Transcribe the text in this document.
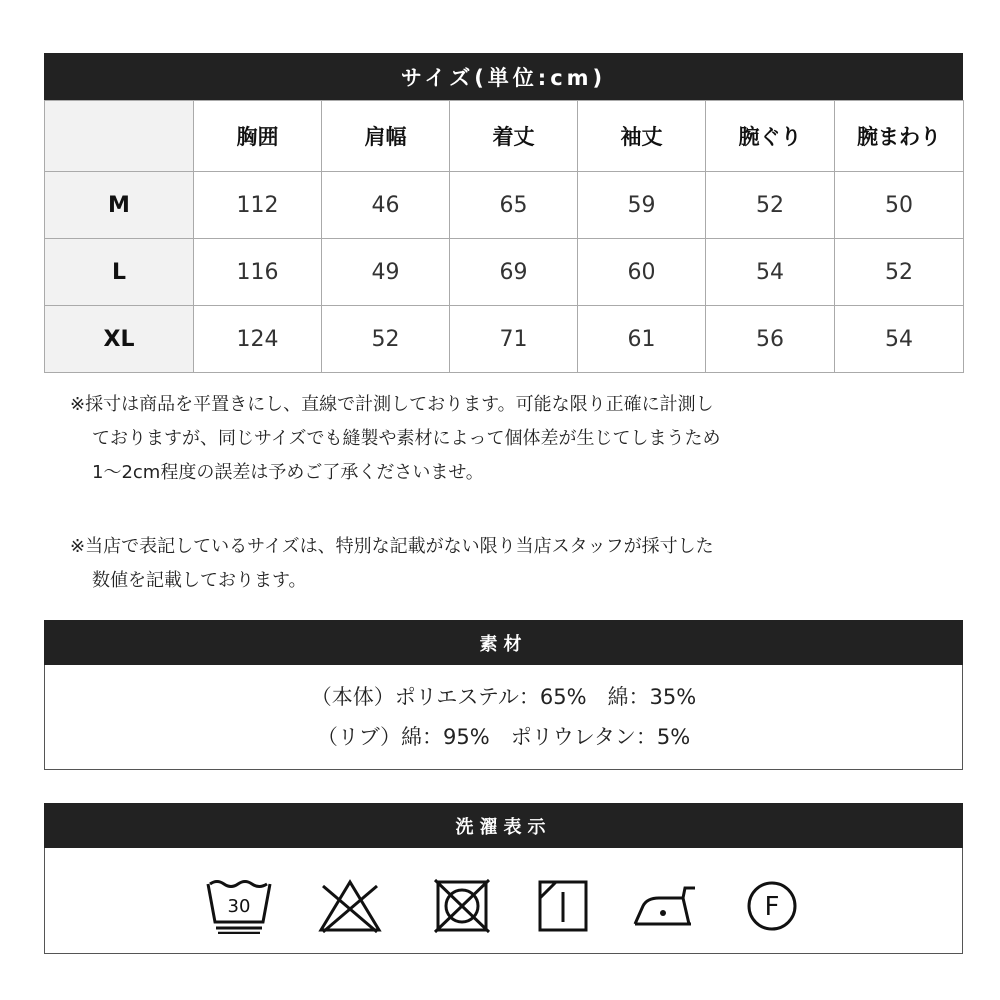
サイズ(単位:cm)
	胸囲	肩幅	着丈	袖丈	腕ぐり	腕まわり
M	112	46	65	59	52	50
L	116	49	69	60	54	52
XL	124	52	71	61	56	54
※採寸は商品を平置きにし、直線で計測しております。可能な限り正確に計測し
ておりますが、同じサイズでも縫製や素材によって個体差が生じてしまうため
1～2cm程度の誤差は予めご了承くださいませ。
※当店で表記しているサイズは、特別な記載がない限り当店スタッフが採寸した
数値を記載しております。
素材
（本体）ポリエステル：65%　綿：35%
（リブ）綿：95%　ポリウレタン：5%
洗濯表示
30	F
